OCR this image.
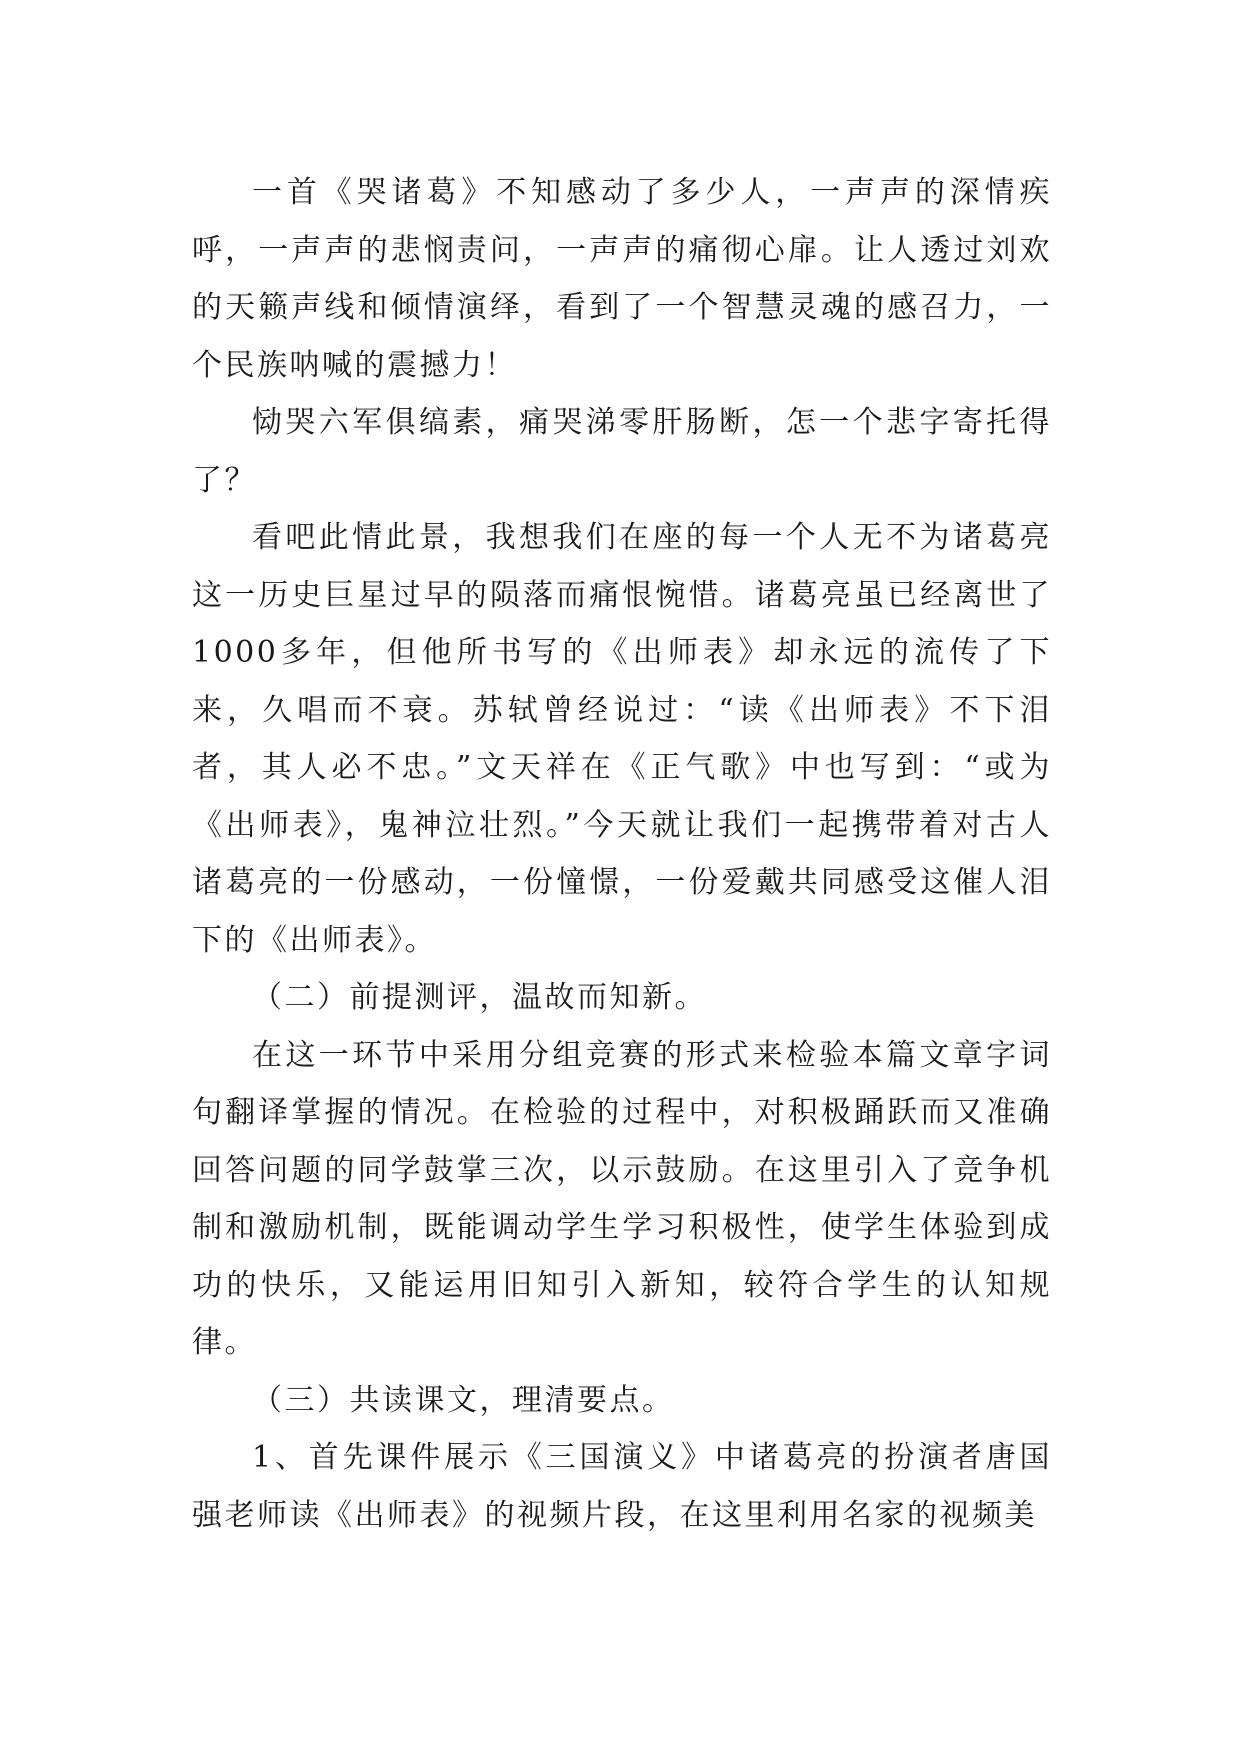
一首《哭诸葛》不知感动了多少人，一声声的深情疾呼，一声声的悲悯责问，一声声的痛彻心扉。让人透过刘欢的天籁声线和倾情演绎，看到了一个智慧灵魂的感召力，一个民族呐喊的震撼力！

恸哭六军俱缟素，痛哭涕零肝肠断，怎一个悲字寄托得了？

看吧此情此景，我想我们在座的每一个人无不为诸葛亮这一历史巨星过早的陨落而痛恨惋惜。诸葛亮虽已经离世了1000多年，但他所书写的《出师表》却永远的流传了下来，久唱而不衰。苏轼曾经说过：“读《出师表》不下泪者，其人必不忠。”文天祥在《正气歌》中也写到：“或为《出师表》，鬼神泣壮烈。”今天就让我们一起携带着对古人诸葛亮的一份感动，一份憧憬，一份爱戴共同感受这催人泪下的《出师表》。

（二）前提测评，温故而知新。

在这一环节中采用分组竞赛的形式来检验本篇文章字词句翻译掌握的情况。在检验的过程中，对积极踊跃而又准确回答问题的同学鼓掌三次，以示鼓励。在这里引入了竞争机制和激励机制，既能调动学生学习积极性，使学生体验到成功的快乐，又能运用旧知引入新知，较符合学生的认知规律。

（三）共读课文，理清要点。

1、首先课件展示《三国演义》中诸葛亮的扮演者唐国强老师读《出师表》的视频片段，在这里利用名家的视频美
